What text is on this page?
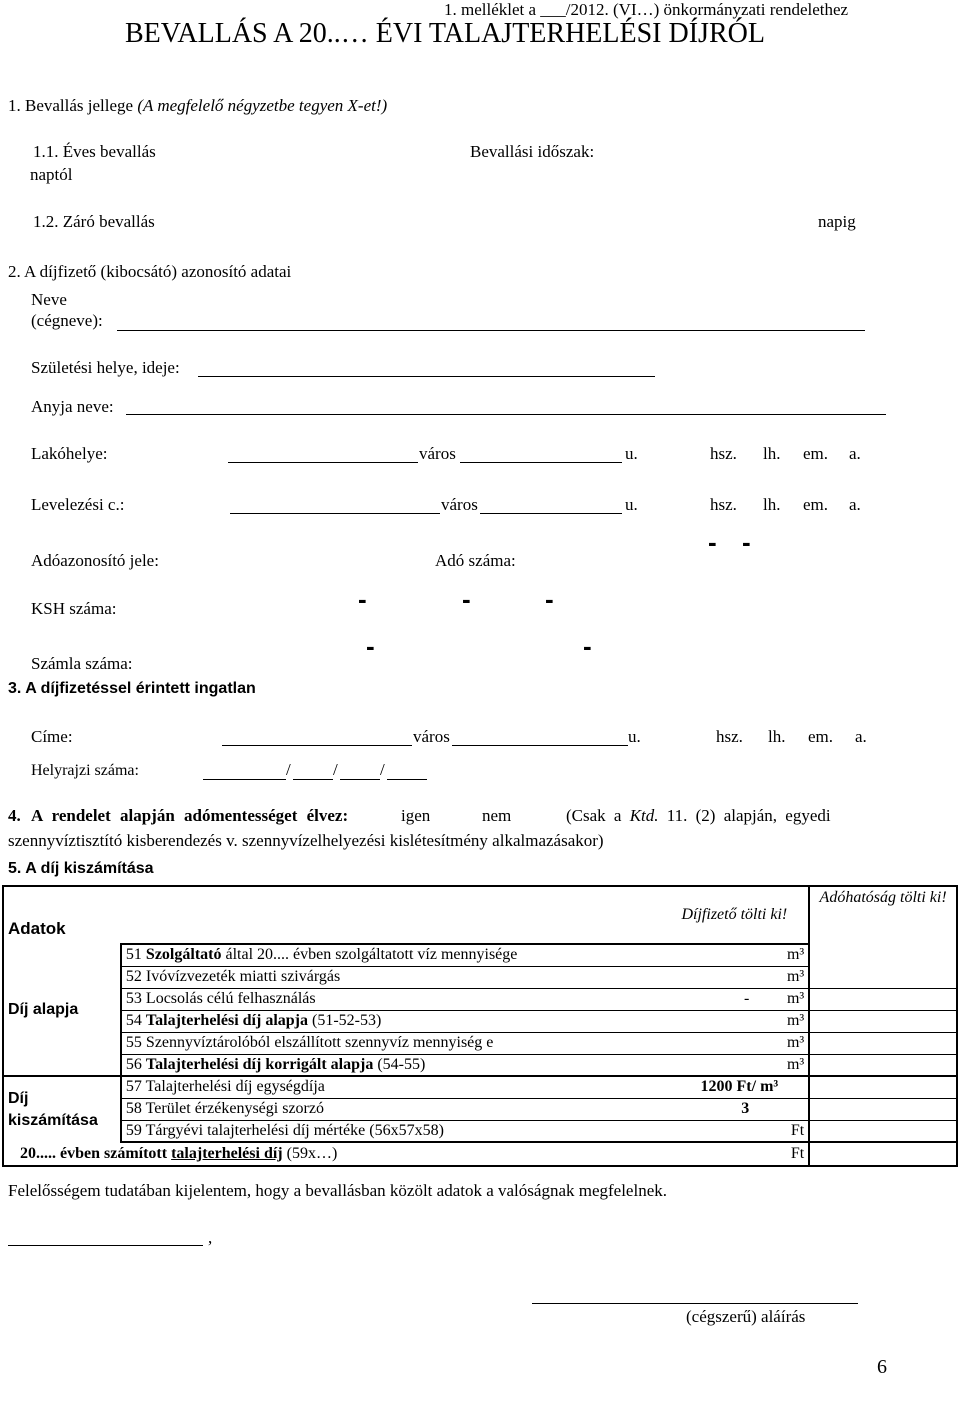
1. melléklet a ___/2012. (VI…) önkormányzati rendelethez
BEVALLÁS A 20..… ÉVI TALAJTERHELÉSI DÍJRÓL
1. Bevallás jellege (A megfelelő négyzetbe tegyen X-et!)
1.1. Éves bevallás	Bevallási időszak:
naptól
1.2. Záró bevallás	napig
2. A díjfizető (kibocsátó) azonosító adatai
Neve
(cégneve):
Születési helye, ideje:
Anyja neve:
Lakóhelye:	város	u.	hsz. lh. em. a.
Levelezési c.:	város	u.	hsz. lh. em. a.
Adóazonosító jele:	Adó száma:
- -
KSH száma:	-	-	-
-	-
Számla száma:
3. A díjfizetéssel érintett ingatlan
Címe:	város	u.	hsz. lh. em. a.
Helyrajzi száma:	/ / /
4. A rendelet alapján adómentességet élvez:	igen	nem	(Csak a Ktd. 11. (2) alapján, egyedi
szennyvíztisztító kisberendezés v. szennyvízelhelyezési kislétesítmény alkalmazásakor)
5. A díj kiszámítása
Adatok		Díjfizető tölti ki!		Adóhatóság tölti ki!
Díj alapja	51 Szolgáltató által 20.... évben szolgáltatott víz mennyisége		m³	
	52 Ivóvízvezeték miatti szivárgás		m³	
	53 Locsolás célú felhasználás	-	m³	
	54 Talajterhelési díj alapja (51-52-53)		m³	
	55 Szennyvíztárolóból elszállított szennyvíz mennyiség e		m³	
	56 Talajterhelési díj korrigált alapja (54-55)		m³	
Díj kiszámítása	57 Talajterhelési díj egységdíja	1200 Ft/ m³		
	58 Terület érzékenységi szorzó	3		
	59 Tárgyévi talajterhelési díj mértéke (56x57x58)		Ft	
20..... évben számított talajterhelési díj (59x…)			Ft	
Felelősségem tudatában kijelentem, hogy a bevallásban közölt adatok a valóságnak megfelelnek.
,
(cégszerű) aláírás
6
